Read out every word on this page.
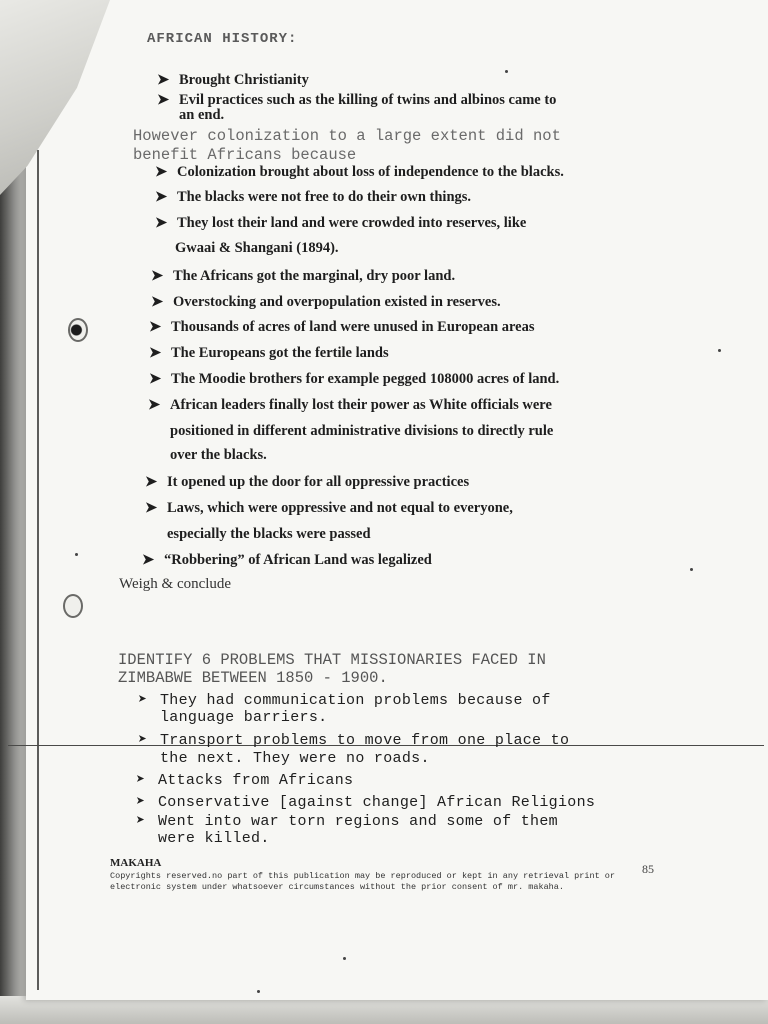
AFRICAN HISTORY:
➤ Brought Christianity
➤ Evil practices such as the killing of twins and albinos came to
an end.
However colonization to a large extent did not
benefit Africans because
➤ Colonization brought about loss of independence to the blacks.
➤ The blacks were not free to do their own things.
➤ They lost their land and were crowded into reserves, like
Gwaai & Shangani (1894).
➤ The Africans got the marginal, dry poor land.
➤ Overstocking and overpopulation existed in reserves.
➤ Thousands of acres of land were unused in European areas
➤ The Europeans got the fertile lands
➤ The Moodie brothers for example pegged 108000 acres of land.
➤ African leaders finally lost their power as White officials were
positioned in different administrative divisions to directly rule
over the blacks.
➤ It opened up the door for all oppressive practices
➤ Laws, which were oppressive and not equal to everyone,
especially the blacks were passed
➤ “Robbering” of African Land was legalized
Weigh & conclude
IDENTIFY 6 PROBLEMS THAT MISSIONARIES FACED IN
ZIMBABWE BETWEEN 1850 - 1900.
➤ They had communication problems because of
language barriers.
➤ Transport problems to move from one place to
the next. They were no roads.
➤ Attacks from Africans
➤ Conservative [against change] African Religions
➤ Went into war torn regions and some of them
were killed.
MAKAHA	85
Copyrights reserved.no part of this publication may be reproduced or kept in any retrieval print or electronic system under whatsoever circumstances without the prior consent of mr. makaha.
